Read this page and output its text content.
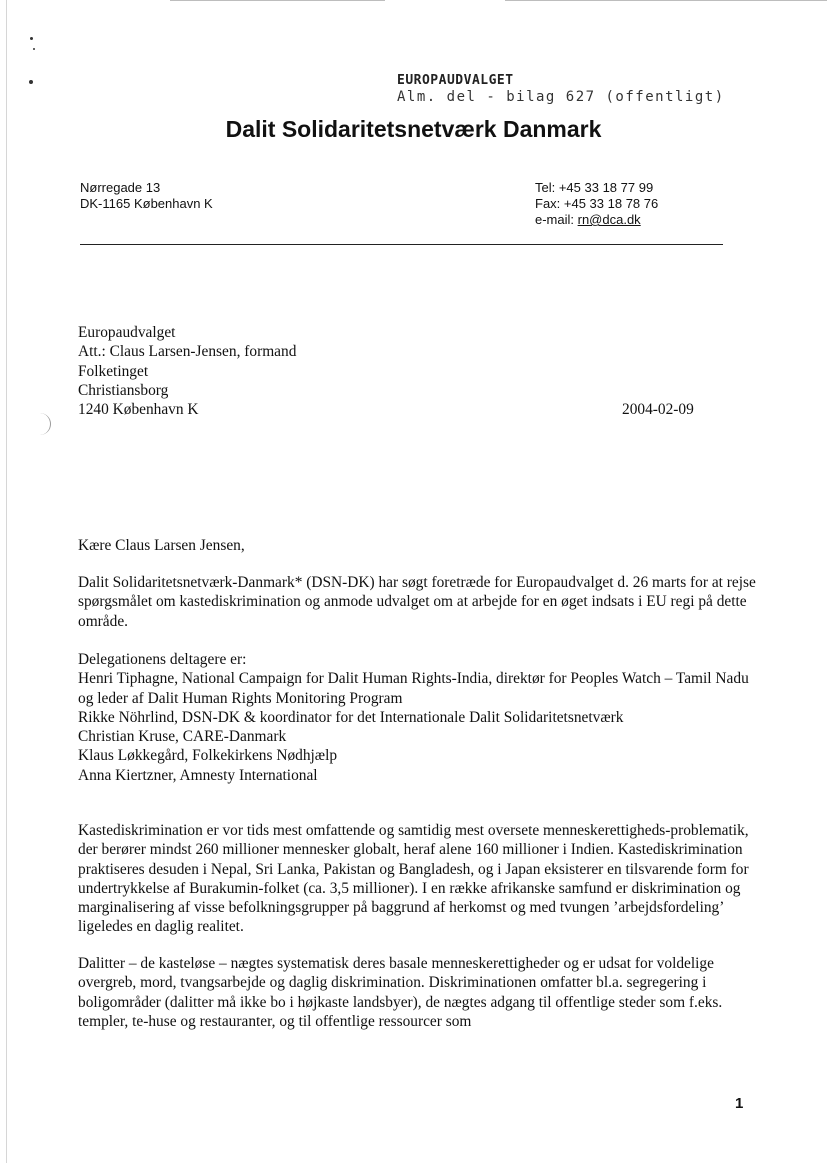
EUROPAUDVALGET
Alm. del - bilag 627 (offentligt)
Dalit Solidaritetsnetværk Danmark
Nørregade 13
DK-1165 København K
Tel: +45 33 18 77 99
Fax: +45 33 18 78 76
e-mail: rn@dca.dk

Europaudvalget

Att.: Claus Larsen-Jensen, formand

Folketinget

Christiansborg

1240 København K	2004-02-09
Kære Claus Larsen Jensen,
Dalit Solidaritetsnetværk-Danmark* (DSN-DK) har søgt foretræde for Europaudvalget d. 26 marts for at rejse spørgsmålet om kastediskrimination og anmode udvalget om at arbejde for en øget indsats i EU regi på dette område.

Delegationens deltagere er:

Henri Tiphagne, National Campaign for Dalit Human Rights-India, direktør for Peoples Watch – Tamil Nadu og leder af Dalit Human Rights Monitoring Program

Rikke Nöhrlind, DSN-DK & koordinator for det Internationale Dalit Solidaritetsnetværk

Christian Kruse, CARE-Danmark

Klaus Løkkegård, Folkekirkens Nødhjælp

Anna Kiertzner, Amnesty International

Kastediskrimination er vor tids mest omfattende og samtidig mest oversete menneskerettigheds-problematik, der berører mindst 260 millioner mennesker globalt, heraf alene 160 millioner i Indien. Kastediskrimination praktiseres desuden i Nepal, Sri Lanka, Pakistan og Bangladesh, og i Japan eksisterer en tilsvarende form for undertrykkelse af Burakumin-folket (ca. 3,5 millioner). I en række afrikanske samfund er diskrimination og marginalisering af visse befolkningsgrupper på baggrund af herkomst og med tvungen ’arbejdsfordeling’ ligeledes en daglig realitet.
Dalitter – de kasteløse – nægtes systematisk deres basale menneskerettigheder og er udsat for voldelige overgreb, mord, tvangsarbejde og daglig diskrimination. Diskriminationen omfatter bl.a. segregering i boligområder (dalitter må ikke bo i højkaste landsbyer), de nægtes adgang til offentlige steder som f.eks. templer, te-huse og restauranter, og til offentlige ressourcer som
1
